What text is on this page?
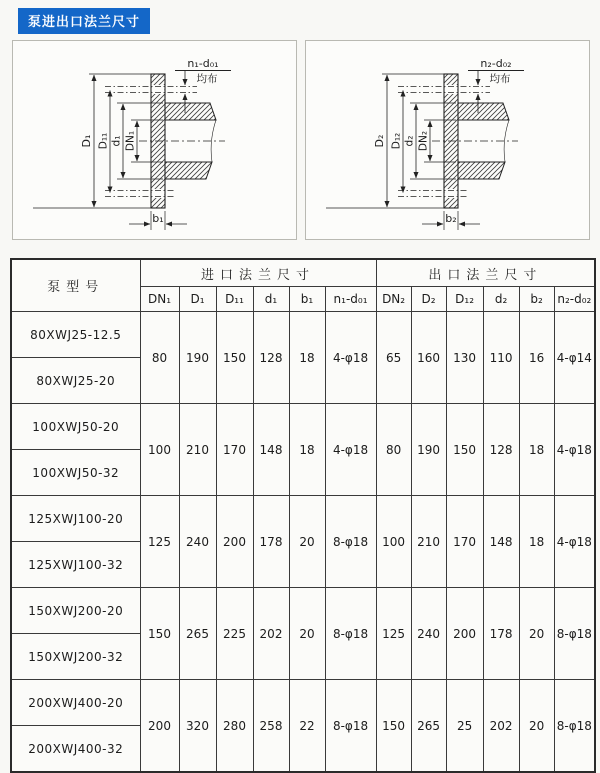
泵进出口法兰尺寸
D₁ D₁₁ d₁ DN₁
n₁-d₀₁
均布
b₁
D₂ D₁₂ d₂ DN₂
n₂-d₀₂
均布
b₂
泵型号	进口法兰尺寸						出口法兰尺寸					
	DN₁	D₁	D₁₁	d₁	b₁	n₁-d₀₁	DN₂	D₂	D₁₂	d₂	b₂	n₂-d₀₂
80XWJ25-12.5	80	190	150	128	18	4-φ18	65	160	130	110	16	4-φ14
80XWJ25-20												
100XWJ50-20	100	210	170	148	18	4-φ18	80	190	150	128	18	4-φ18
100XWJ50-32												
125XWJ100-20	125	240	200	178	20	8-φ18	100	210	170	148	18	4-φ18
125XWJ100-32												
150XWJ200-20	150	265	225	202	20	8-φ18	125	240	200	178	20	8-φ18
150XWJ200-32												
200XWJ400-20	200	320	280	258	22	8-φ18	150	265	25	202	20	8-φ18
200XWJ400-32												
